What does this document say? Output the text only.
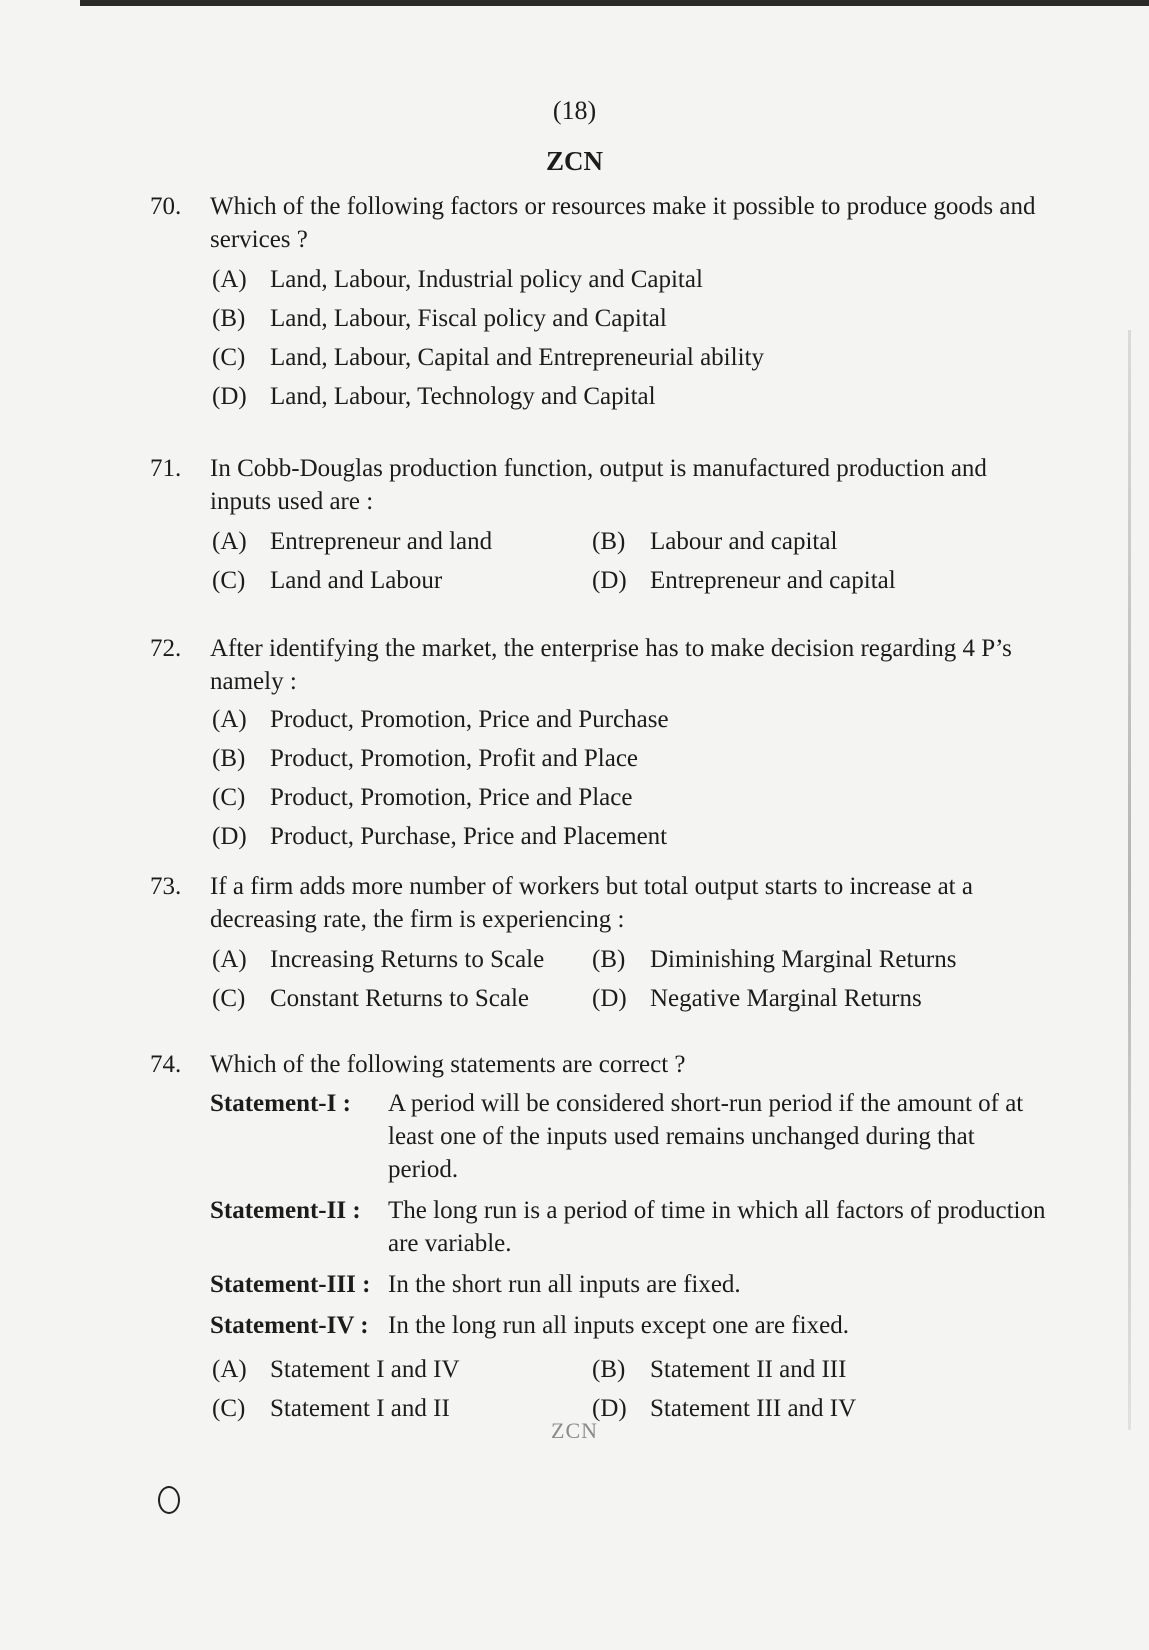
(18)
ZCN
70.	Which of the following factors or resources make it possible to produce goods and services ?
(A) Land, Labour, Industrial policy and Capital
(B) Land, Labour, Fiscal policy and Capital
(C) Land, Labour, Capital and Entrepreneurial ability
(D) Land, Labour, Technology and Capital
71.	In Cobb-Douglas production function, output is manufactured production and inputs used are :
(A) Entrepreneur and land	(B) Labour and capital
(C) Land and Labour	(D) Entrepreneur and capital
72.	After identifying the market, the enterprise has to make decision regarding 4 P’s namely :
(A) Product, Promotion, Price and Purchase
(B) Product, Promotion, Profit and Place
(C) Product, Promotion, Price and Place
(D) Product, Purchase, Price and Placement
73.	If a firm adds more number of workers but total output starts to increase at a decreasing rate, the firm is experiencing :
(A) Increasing Returns to Scale	(B) Diminishing Marginal Returns
(C) Constant Returns to Scale	(D) Negative Marginal Returns
74.	Which of the following statements are correct ?
Statement-I :	A period will be considered short-run period if the amount of at least one of the inputs used remains unchanged during that period.
Statement-II :	The long run is a period of time in which all factors of production are variable.
Statement-III : In the short run all inputs are fixed.
Statement-IV : In the long run all inputs except one are fixed.
(A) Statement I and IV	(B) Statement II and III
(C) Statement I and II	(D) Statement III and IV
ZCN
